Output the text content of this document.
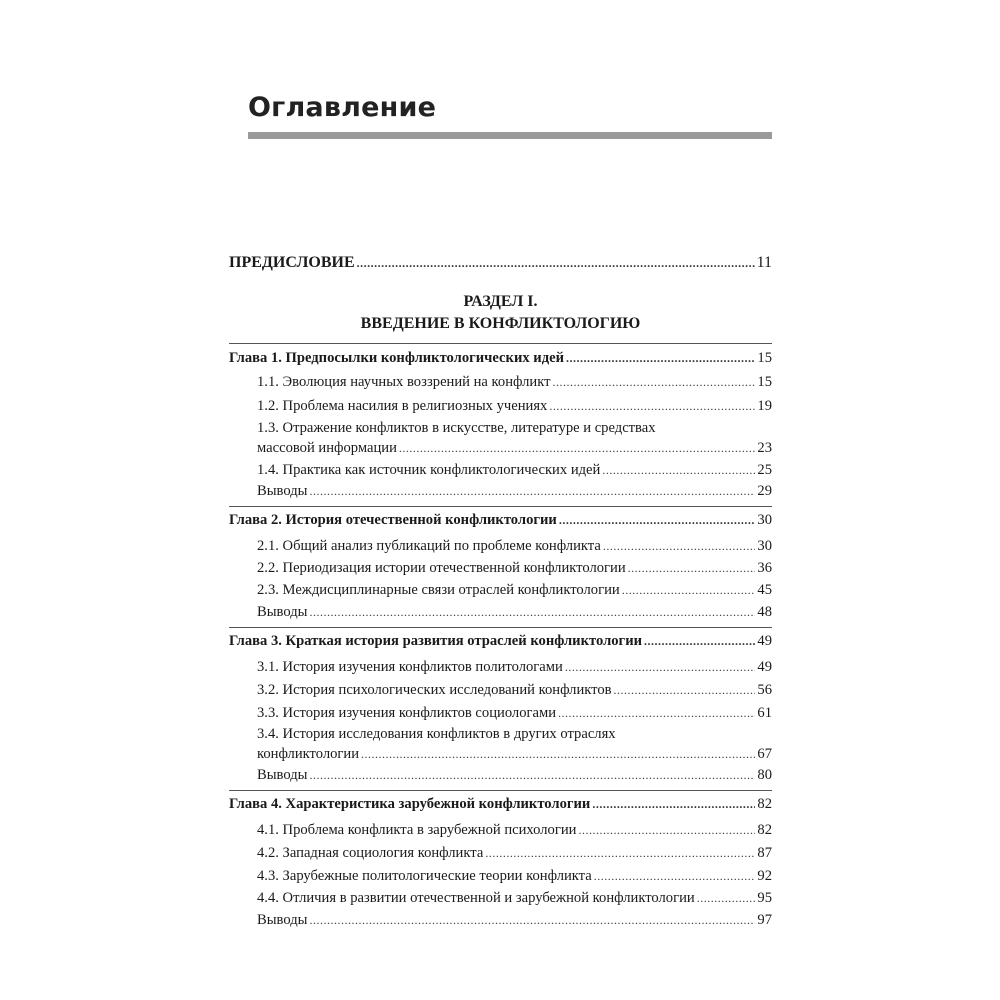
Оглавление
ПРЕДИСЛОВИЕ .....	11
РАЗДЕЛ I.
ВВЕДЕНИЕ В КОНФЛИКТОЛОГИЮ
Глава 1. Предпосылки конфликтологических идей .....	15
1.1. Эволюция научных воззрений на конфликт .....	15
1.2. Проблема насилия в религиозных учениях .....	19
1.3. Отражение конфликтов в искусстве, литературе и средствах
массовой информации .....	23
1.4. Практика как источник конфликтологических идей .....	25
Выводы .....	29
Глава 2. История отечественной конфликтологии .....	30
2.1. Общий анализ публикаций по проблеме конфликта .....	30
2.2. Периодизация истории отечественной конфликтологии .....	36
2.3. Междисциплинарные связи отраслей конфликтологии .....	45
Выводы .....	48
Глава 3. Краткая история развития отраслей конфликтологии .....	49
3.1. История изучения конфликтов политологами .....	49
3.2. История психологических исследований конфликтов .....	56
3.3. История изучения конфликтов социологами .....	61
3.4. История исследования конфликтов в других отраслях
конфликтологии .....	67
Выводы .....	80
Глава 4. Характеристика зарубежной конфликтологии .....	82
4.1. Проблема конфликта в зарубежной психологии .....	82
4.2. Западная социология конфликта .....	87
4.3. Зарубежные политологические теории конфликта .....	92
4.4. Отличия в развитии отечественной и зарубежной конфликтологии .....	95
Выводы .....	97
